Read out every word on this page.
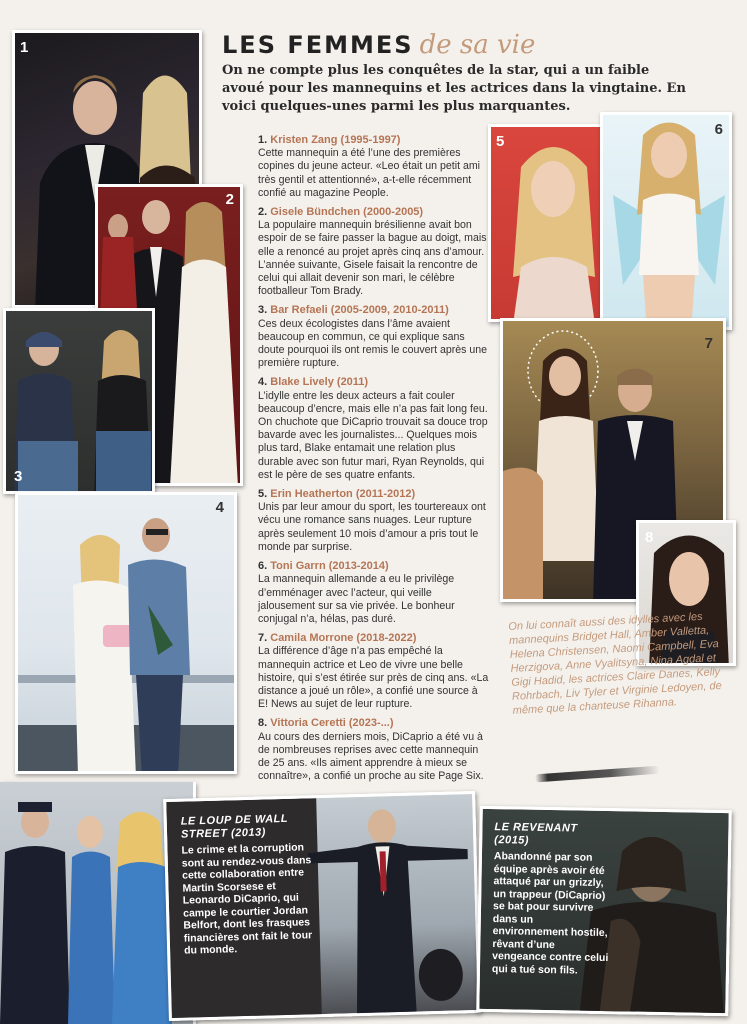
LES FEMMES de sa vie
On ne compte plus les conquêtes de la star, qui a un faible avoué pour les mannequins et les actrices dans la vingtaine. En voici quelques-unes parmi les plus marquantes.
1
2
3
4
5
6
7
8
1. Kristen Zang (1995-1997)
Cette mannequin a été l’une des premières copines du jeune acteur. «Leo était un petit ami très gentil et attentionné», a-t-elle récemment confié au magazine People.
2. Gisele Bündchen (2000-2005)
La populaire mannequin brésilienne avait bon espoir de se faire passer la bague au doigt, mais elle a renoncé au projet après cinq ans d’amour. L’année suivante, Gisele faisait la rencontre de celui qui allait devenir son mari, le célèbre footballeur Tom Brady.
3. Bar Refaeli (2005-2009, 2010-2011)
Ces deux écologistes dans l’âme avaient beaucoup en commun, ce qui explique sans doute pourquoi ils ont remis le couvert après une première rupture.
4. Blake Lively (2011)
L’idylle entre les deux acteurs a fait couler beaucoup d’encre, mais elle n’a pas fait long feu. On chuchote que DiCaprio trouvait sa douce trop bavarde avec les journalistes... Quelques mois plus tard, Blake entamait une relation plus durable avec son futur mari, Ryan Reynolds, qui est le père de ses quatre enfants.
5. Erin Heatherton (2011-2012)
Unis par leur amour du sport, les tourtereaux ont vécu une romance sans nuages. Leur rupture après seulement 10 mois d’amour a pris tout le monde par surprise.
6. Toni Garrn (2013-2014)
La mannequin allemande a eu le privilège d’emménager avec l’acteur, qui veille jalousement sur sa vie privée. Le bonheur conjugal n’a, hélas, pas duré.
7. Camila Morrone (2018-2022)
La différence d’âge n’a pas empêché la mannequin actrice et Leo de vivre une belle histoire, qui s’est étirée sur près de cinq ans. «La distance a joué un rôle», a confié une source à E! News au sujet de leur rupture.
8. Vittoria Ceretti (2023-...)
Au cours des derniers mois, DiCaprio a été vu à de nombreuses reprises avec cette mannequin de 25 ans. «Ils aiment apprendre à mieux se connaître», a confié un proche au site Page Six.
On lui connaît aussi des idylles avec les mannequins Bridget Hall, Amber Valletta, Helena Christensen, Naomi Campbell, Eva Herzigova, Anne Vyalitsyna, Nina Agdal et Gigi Hadid, les actrices Claire Danes, Kelly Rohrbach, Liv Tyler et Virginie Ledoyen, de même que la chanteuse Rihanna.
LE LOUP DE WALL STREET (2013)
Le crime et la corruption sont au rendez-vous dans cette collaboration entre Martin Scorsese et Leonardo DiCaprio, qui campe le courtier Jordan Belfort, dont les frasques financières ont fait le tour du monde.
LE REVENANT (2015)
Abandonné par son équipe après avoir été attaqué par un grizzly, un trappeur (DiCaprio) se bat pour survivre dans un environnement hostile, rêvant d’une vengeance contre celui qui a tué son fils.
